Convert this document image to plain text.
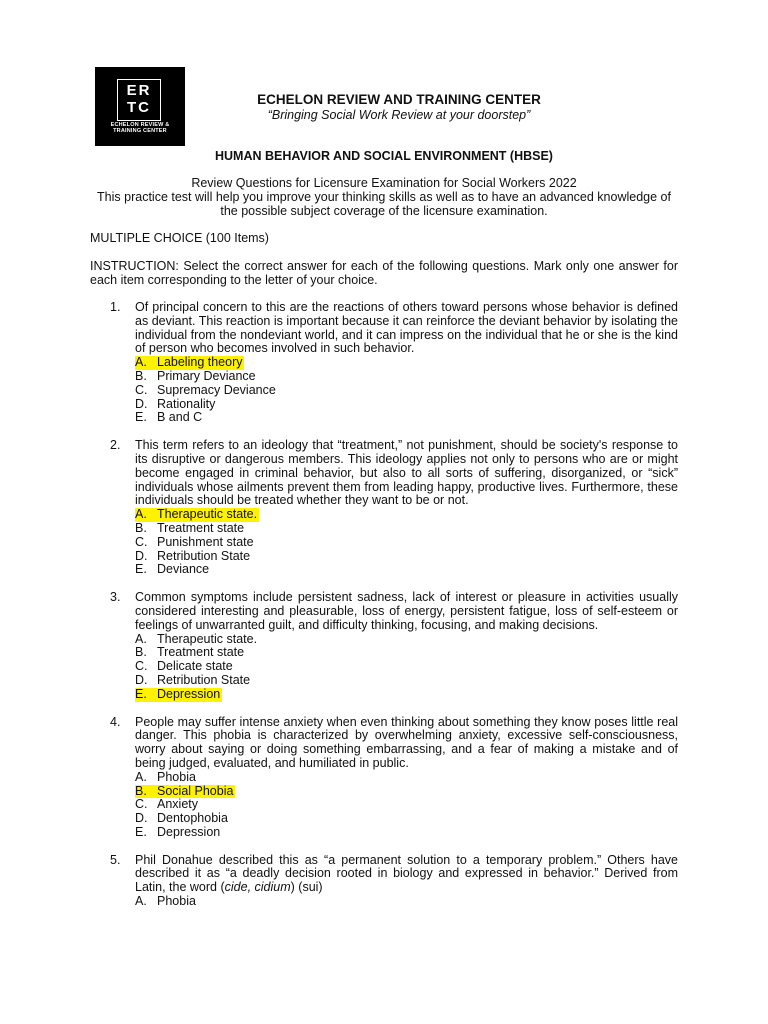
ER
TC
ECHELON REVIEW &
TRAINING CENTER
ECHELON REVIEW AND TRAINING CENTER
“Bringing Social Work Review at your doorstep”
HUMAN BEHAVIOR AND SOCIAL ENVIRONMENT (HBSE)
Review Questions for Licensure Examination for Social Workers 2022
This practice test will help you improve your thinking skills as well as to have an advanced knowledge of the possible subject coverage of the licensure examination.
MULTIPLE CHOICE (100 Items)
INSTRUCTION: Select the correct answer for each of the following questions. Mark only one answer for each item corresponding to the letter of your choice.
1. Of principal concern to this are the reactions of others toward persons whose behavior is defined as deviant. This reaction is important because it can reinforce the deviant behavior by isolating the individual from the nondeviant world, and it can impress on the individual that he or she is the kind of person who becomes involved in such behavior.
A. Labeling theory
B. Primary Deviance
C. Supremacy Deviance
D. Rationality
E. B and C
2. This term refers to an ideology that “treatment,” not punishment, should be society's response to its disruptive or dangerous members. This ideology applies not only to persons who are or might become engaged in criminal behavior, but also to all sorts of suffering, disorganized, or “sick” individuals whose ailments prevent them from leading happy, productive lives. Furthermore, these individuals should be treated whether they want to be or not.
A. Therapeutic state.
B. Treatment state
C. Punishment state
D. Retribution State
E. Deviance
3. Common symptoms include persistent sadness, lack of interest or pleasure in activities usually considered interesting and pleasurable, loss of energy, persistent fatigue, loss of self-esteem or feelings of unwarranted guilt, and difficulty thinking, focusing, and making decisions.
A. Therapeutic state.
B. Treatment state
C. Delicate state
D. Retribution State
E. Depression
4. People may suffer intense anxiety when even thinking about something they know poses little real danger. This phobia is characterized by overwhelming anxiety, excessive self-consciousness, worry about saying or doing something embarrassing, and a fear of making a mistake and of being judged, evaluated, and humiliated in public.
A. Phobia
B. Social Phobia
C. Anxiety
D. Dentophobia
E. Depression
5. Phil Donahue described this as “a permanent solution to a temporary problem.” Others have described it as “a deadly decision rooted in biology and expressed in behavior.” Derived from Latin, the word (cide, cidium) (sui)
A. Phobia
